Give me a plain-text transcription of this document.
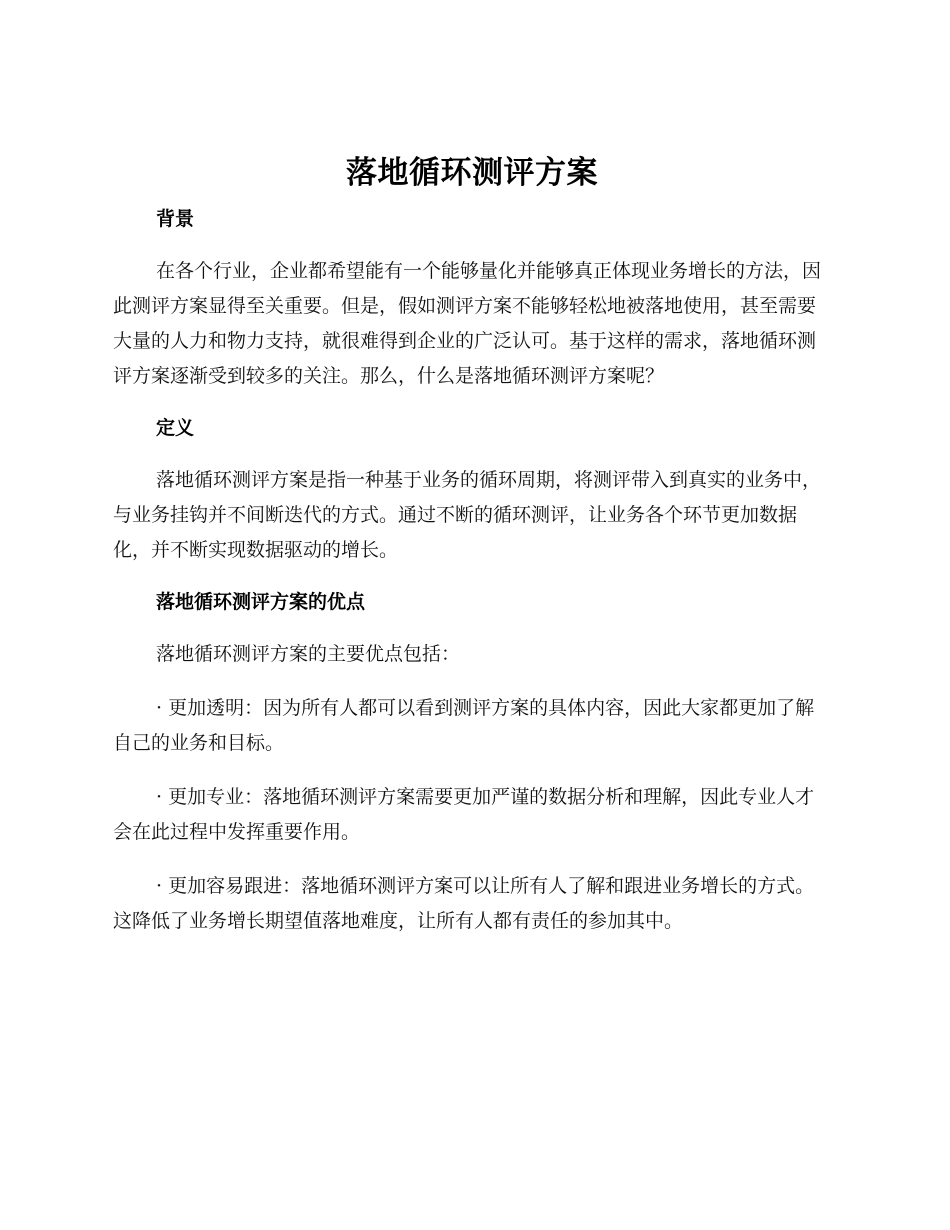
落地循环测评方案
背景

在各个行业，企业都希望能有一个能够量化并能够真正体现业务增长的方法，因此测评方案显得至关重要。但是，假如测评方案不能够轻松地被落地使用，甚至需要大量的人力和物力支持，就很难得到企业的广泛认可。基于这样的需求，落地循环测评方案逐渐受到较多的关注。那么，什么是落地循环测评方案呢？

定义

落地循环测评方案是指一种基于业务的循环周期，将测评带入到真实的业务中，与业务挂钩并不间断迭代的方式。通过不断的循环测评，让业务各个环节更加数据化，并不断实现数据驱动的增长。

落地循环测评方案的优点

落地循环测评方案的主要优点包括：

· 更加透明：因为所有人都可以看到测评方案的具体内容，因此大家都更加了解自己的业务和目标。

· 更加专业：落地循环测评方案需要更加严谨的数据分析和理解，因此专业人才会在此过程中发挥重要作用。

· 更加容易跟进：落地循环测评方案可以让所有人了解和跟进业务增长的方式。这降低了业务增长期望值落地难度，让所有人都有责任的参加其中。
